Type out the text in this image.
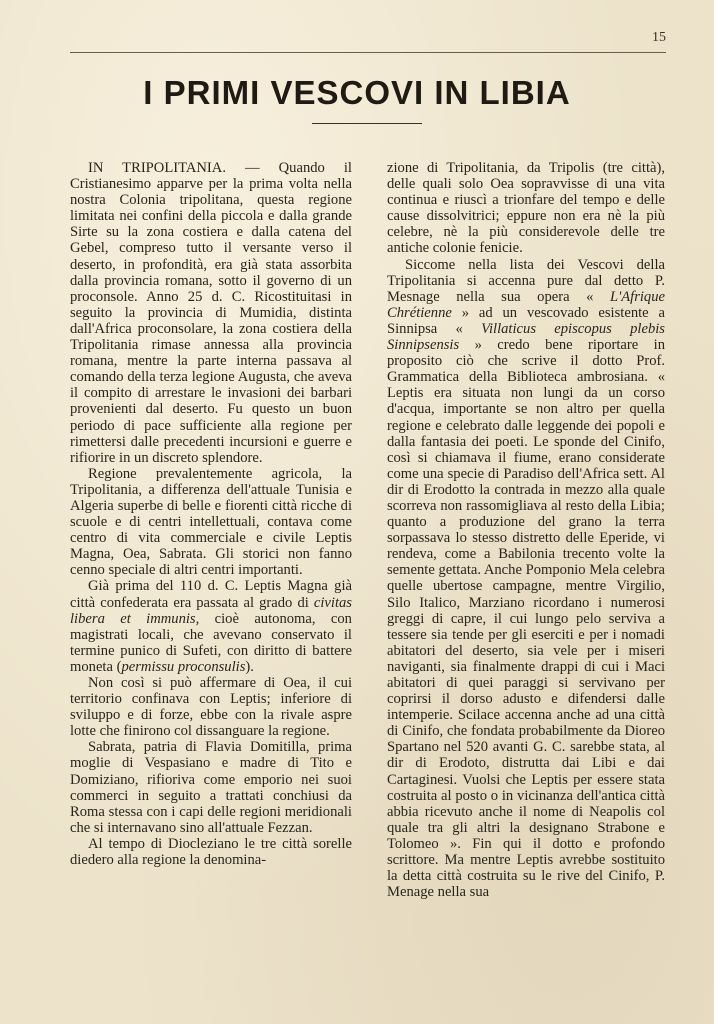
15
I PRIMI VESCOVI IN LIBIA

IN TRIPOLITANIA. — Quando il Cristianesimo apparve per la prima volta nella nostra Colonia tripolitana, questa regione limitata nei confini della piccola e dalla grande Sirte su la zona costiera e dalla catena del Gebel, compreso tutto il versante verso il deserto, in profondità, era già stata assorbita dalla provincia romana, sotto il governo di un proconsole. Anno 25 d. C. Ricostituitasi in seguito la provincia di Mumidia, distinta dall'Africa proconsolare, la zona costiera della Tripolitania rimase annessa alla provincia romana, mentre la parte interna passava al comando della terza legione Augusta, che aveva il compito di arrestare le invasioni dei barbari provenienti dal deserto. Fu questo un buon periodo di pace sufficiente alla regione per rimettersi dalle precedenti incursioni e guerre e rifiorire in un discreto splendore.

Regione prevalentemente agricola, la Tripolitania, a differenza dell'attuale Tunisia e Algeria superbe di belle e fiorenti città ricche di scuole e di centri intellettuali, contava come centro di vita commerciale e civile Leptis Magna, Oea, Sabrata. Gli storici non fanno cenno speciale di altri centri importanti.

Già prima del 110 d. C. Leptis Magna già città confederata era passata al grado di civitas libera et immunis, cioè autonoma, con magistrati locali, che avevano conservato il termine punico di Sufeti, con diritto di battere moneta (permissu proconsulis).

Non così si può affermare di Oea, il cui territorio confinava con Leptis; inferiore di sviluppo e di forze, ebbe con la rivale aspre lotte che finirono col dissanguare la regione.

Sabrata, patria di Flavia Domitilla, prima moglie di Vespasiano e madre di Tito e Domiziano, rifioriva come emporio nei suoi commerci in seguito a trattati conchiusi da Roma stessa con i capi delle regioni meridionali che si internavano sino all'attuale Fezzan.

Al tempo di Diocleziano le tre città sorelle diedero alla regione la denomina-

zione di Tripolitania, da Tripolis (tre città), delle quali solo Oea sopravvisse di una vita continua e riuscì a trionfare del tempo e delle cause dissolvitrici; eppure non era nè la più celebre, nè la più considerevole delle tre antiche colonie fenicie.

Siccome nella lista dei Vescovi della Tripolitania si accenna pure dal detto P. Mesnage nella sua opera « L'Afrique Chrétienne » ad un vescovado esistente a Sinnipsa « Villaticus episcopus plebis Sinnipsensis » credo bene riportare in proposito ciò che scrive il dotto Prof. Grammatica della Biblioteca ambrosiana. « Leptis era situata non lungi da un corso d'acqua, importante se non altro per quella regione e celebrato dalle leggende dei popoli e dalla fantasia dei poeti. Le sponde del Cinifo, così si chiamava il fiume, erano considerate come una specie di Paradiso dell'Africa sett. Al dir di Erodotto la contrada in mezzo alla quale scorreva non rassomigliava al resto della Libia; quanto a produzione del grano la terra sorpassava lo stesso distretto delle Eperide, vi rendeva, come a Babilonia trecento volte la semente gettata. Anche Pomponio Mela celebra quelle ubertose campagne, mentre Virgilio, Silo Italico, Marziano ricordano i numerosi greggi di capre, il cui lungo pelo serviva a tessere sia tende per gli eserciti e per i nomadi abitatori del deserto, sia vele per i miseri naviganti, sia finalmente drappi di cui i Maci abitatori di quei paraggi si servivano per coprirsi il dorso adusto e difendersi dalle intemperie. Scilace accenna anche ad una città di Cinifo, che fondata probabilmente da Dioreo Spartano nel 520 avanti G. C. sarebbe stata, al dir di Erodoto, distrutta dai Libi e dai Cartaginesi. Vuolsi che Leptis per essere stata costruita al posto o in vicinanza dell'antica città abbia ricevuto anche il nome di Neapolis col quale tra gli altri la designano Strabone e Tolomeo ». Fin qui il dotto e profondo scrittore. Ma mentre Leptis avrebbe sostituito la detta città costruita su le rive del Cinifo, P. Menage nella sua
